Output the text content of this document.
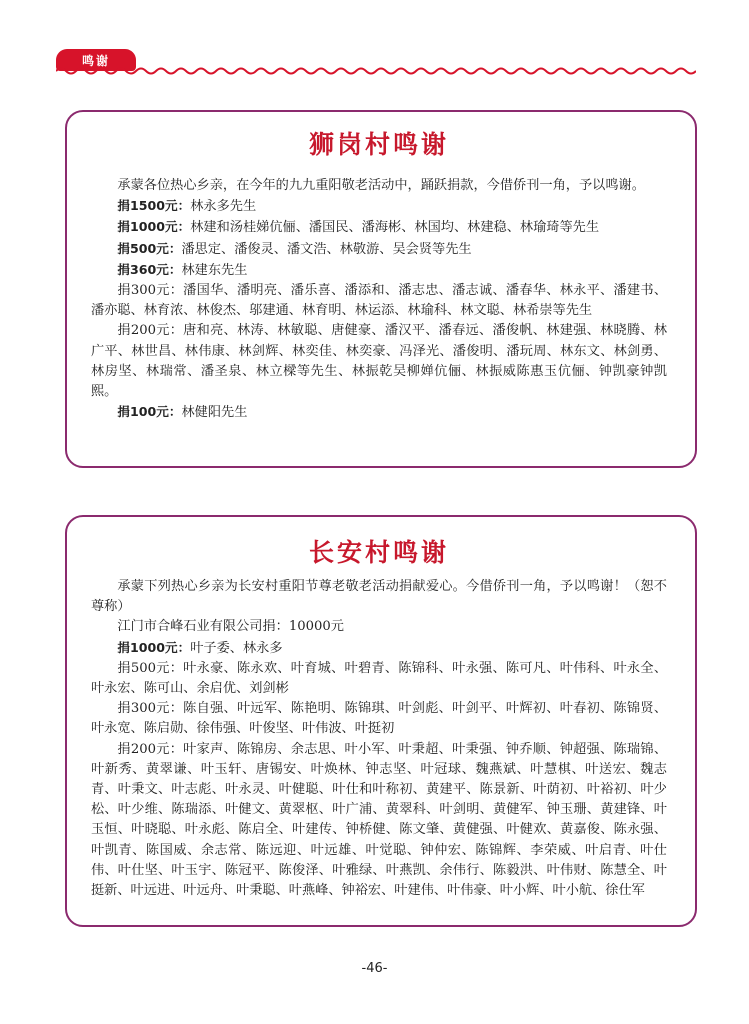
鸣谢
狮岗村鸣谢
承蒙各位热心乡亲，在今年的九九重阳敬老活动中，踊跃捐款，今借侨刊一角，予以鸣谢。
捐1500元：林永多先生
捐1000元：林建和汤桂娣伉俪、潘国民、潘海彬、林国均、林建稳、林瑜琦等先生
捐500元：潘思定、潘俊灵、潘文浩、林敬游、吴会贤等先生
捐360元：林建东先生
捐300元：潘国华、潘明亮、潘乐喜、潘添和、潘志忠、潘志诚、潘春华、林永平、潘建书、潘亦聪、林育浓、林俊杰、邬建通、林育明、林运添、林瑜科、林文聪、林希崇等先生
捐200元：唐和亮、林涛、林敏聪、唐健豪、潘汉平、潘春远、潘俊帆、林建强、林晓腾、林广平、林世昌、林伟康、林剑辉、林奕佳、林奕豪、冯泽光、潘俊明、潘玩周、林东文、林剑勇、林房坚、林瑞常、潘圣泉、林立樑等先生、林振乾吴柳婵伉俪、林振威陈惠玉伉俪、钟凯豪钟凯熙。
捐100元：林健阳先生
长安村鸣谢
承蒙下列热心乡亲为长安村重阳节尊老敬老活动捐献爱心。今借侨刊一角，予以鸣谢！（恕不尊称）
江门市合峰石业有限公司捐：10000元
捐1000元：叶子委、林永多
捐500元：叶永豪、陈永欢、叶育城、叶碧青、陈锦科、叶永强、陈可凡、叶伟科、叶永全、叶永宏、陈可山、余启优、刘剑彬
捐300元：陈自强、叶远军、陈艳明、陈锦琪、叶剑彪、叶剑平、叶辉初、叶春初、陈锦贤、叶永宽、陈启勋、徐伟强、叶俊坚、叶伟波、叶挺初
捐200元：叶家声、陈锦房、余志思、叶小军、叶秉超、叶秉强、钟乔顺、钟超强、陈瑞锦、叶新秀、黄翠谦、叶玉轩、唐锡安、叶焕林、钟志坚、叶冠球、魏燕斌、叶慧棋、叶送宏、魏志青、叶秉文、叶志彪、叶永灵、叶健聪、叶仕和叶称初、黄建平、陈景新、叶荫初、叶裕初、叶少松、叶少维、陈瑞添、叶健文、黄翠枢、叶广浦、黄翠科、叶剑明、黄健军、钟玉珊、黄建锋、叶玉恒、叶晓聪、叶永彪、陈启全、叶建传、钟桥健、陈文肇、黄健强、叶健欢、黄嘉俊、陈永强、叶凯青、陈国威、余志常、陈远迎、叶远雄、叶觉聪、钟仲宏、陈锦辉、李荣威、叶启青、叶仕伟、叶仕坚、叶玉宇、陈冠平、陈俊泽、叶雅绿、叶燕凯、余伟行、陈毅洪、叶伟财、陈慧全、叶挺新、叶远进、叶远舟、叶秉聪、叶燕峰、钟裕宏、叶建伟、叶伟豪、叶小辉、叶小航、徐仕军
-46-
